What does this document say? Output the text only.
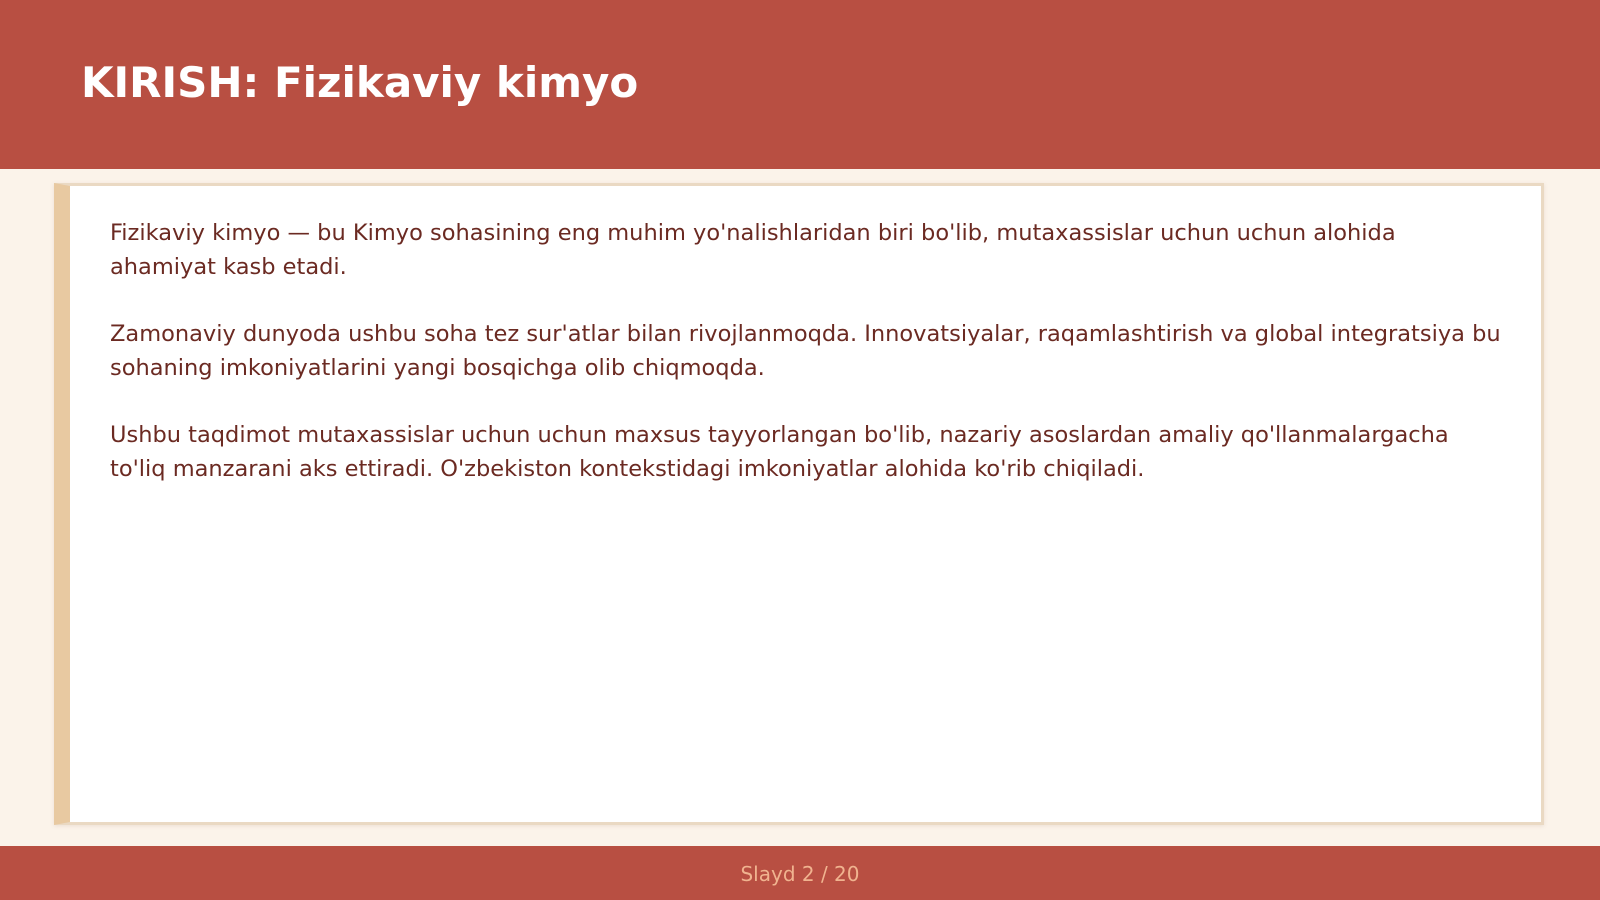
KIRISH: Fizikaviy kimyo

Fizikaviy kimyo — bu Kimyo sohasining eng muhim yo'nalishlaridan biri bo'lib, mutaxassislar uchun uchun alohida ahamiyat kasb etadi.

Zamonaviy dunyoda ushbu soha tez sur'atlar bilan rivojlanmoqda. Innovatsiyalar, raqamlashtirish va global integratsiya bu sohaning imkoniyatlarini yangi bosqichga olib chiqmoqda.

Ushbu taqdimot mutaxassislar uchun uchun maxsus tayyorlangan bo'lib, nazariy asoslardan amaliy qo'llanmalargacha to'liq manzarani aks ettiradi. O'zbekiston kontekstidagi imkoniyatlar alohida ko'rib chiqiladi.

Slayd 2 / 20
